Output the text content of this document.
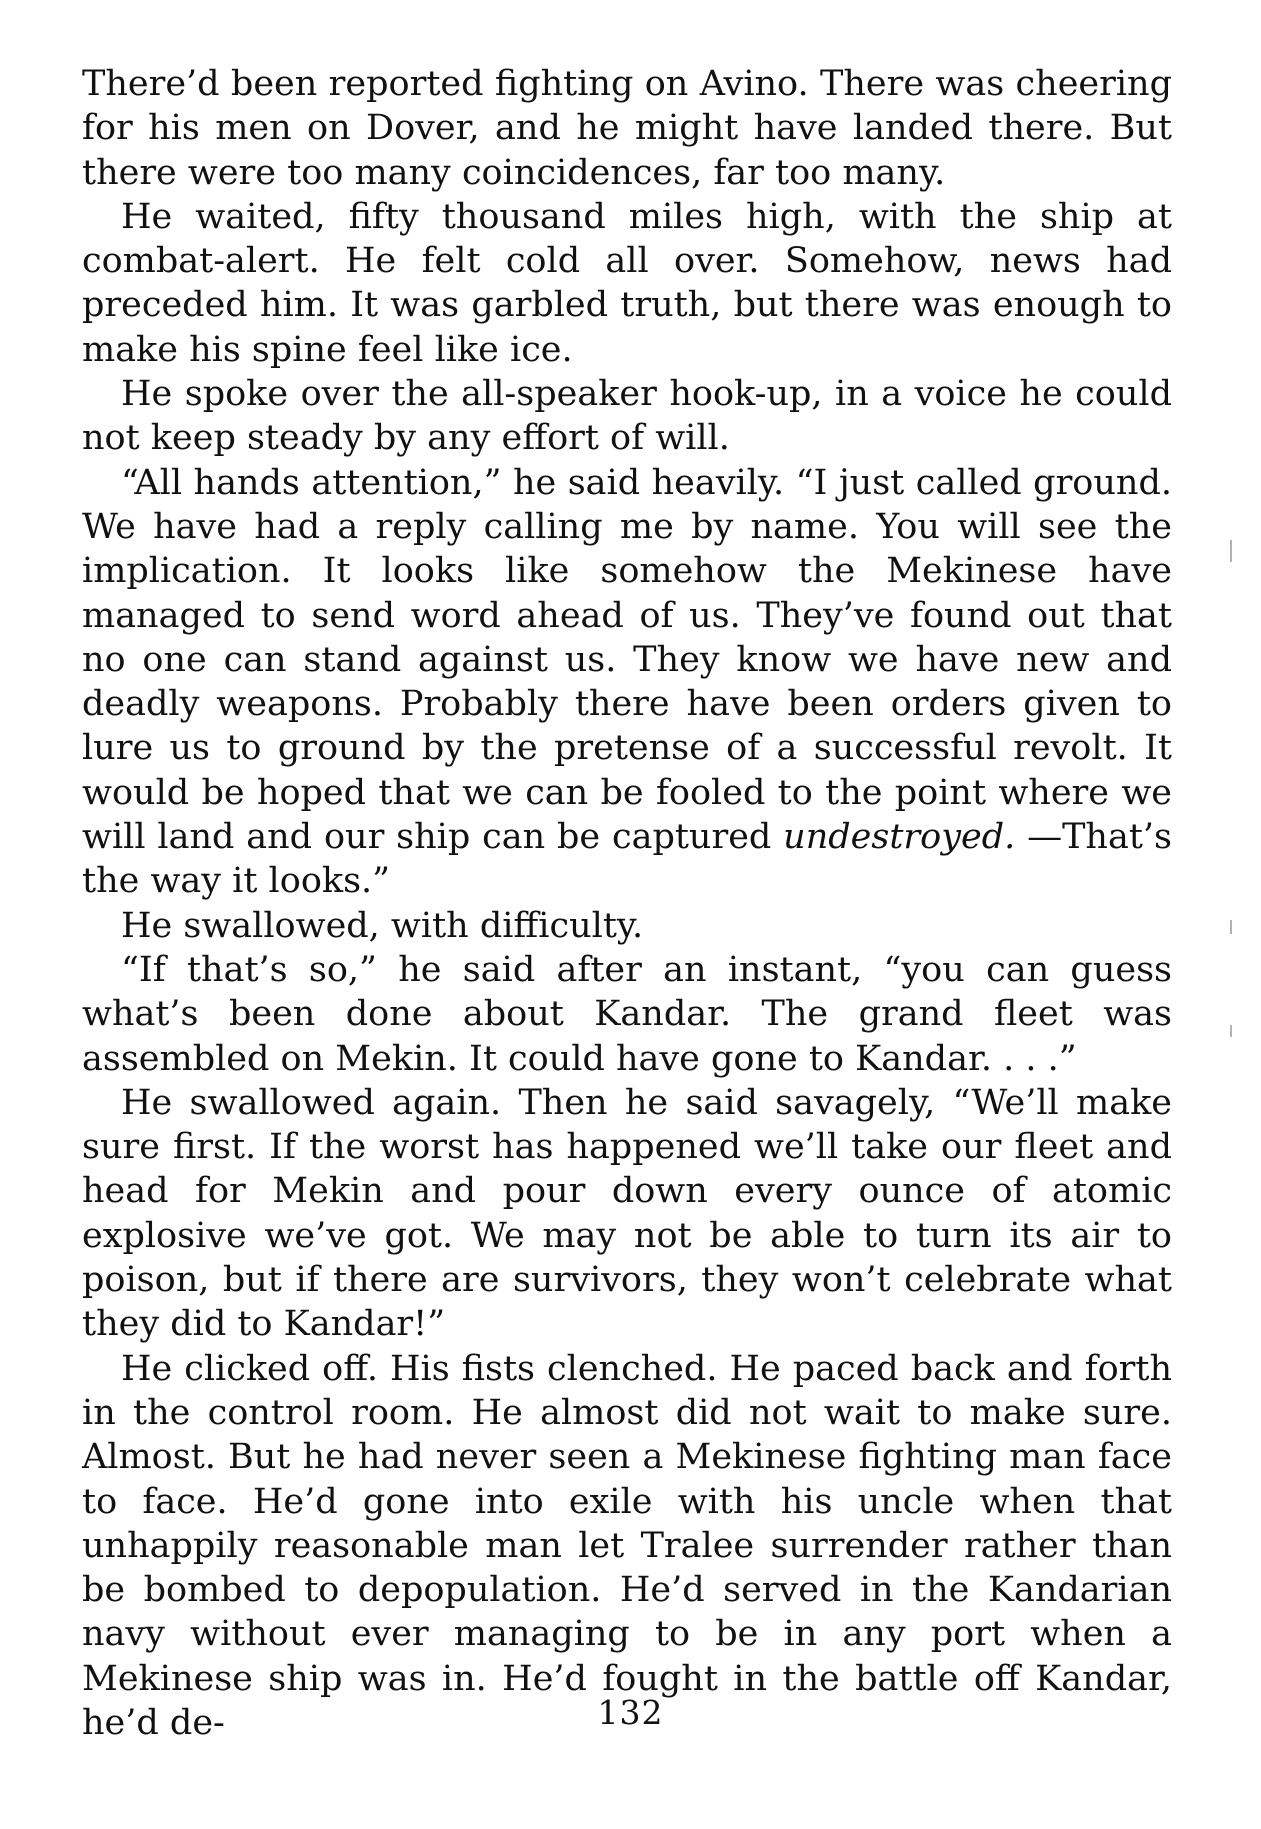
There’d been reported fighting on Avino. There was cheering for his men on Dover, and he might have landed there. But there were too many coincidences, far too many.

He waited, fifty thousand miles high, with the ship at combat-alert. He felt cold all over. Somehow, news had preceded him. It was garbled truth, but there was enough to make his spine feel like ice.

He spoke over the all-speaker hook-up, in a voice he could not keep steady by any effort of will.

“All hands attention,” he said heavily. “I just called ground. We have had a reply calling me by name. You will see the implication. It looks like somehow the Mekinese have managed to send word ahead of us. They’ve found out that no one can stand against us. They know we have new and deadly weapons. Probably there have been orders given to lure us to ground by the pretense of a successful revolt. It would be hoped that we can be fooled to the point where we will land and our ship can be captured undestroyed. —That’s the way it looks.”

He swallowed, with difficulty.

“If that’s so,” he said after an instant, “you can guess what’s been done about Kandar. The grand fleet was assembled on Mekin. It could have gone to Kandar. . . .”

He swallowed again. Then he said savagely, “We’ll make sure first. If the worst has happened we’ll take our fleet and head for Mekin and pour down every ounce of atomic explosive we’ve got. We may not be able to turn its air to poison, but if there are survivors, they won’t celebrate what they did to Kandar!”

He clicked off. His fists clenched. He paced back and forth in the control room. He almost did not wait to make sure. Almost. But he had never seen a Mekinese fighting man face to face. He’d gone into exile with his uncle when that unhappily reasonable man let Tralee surrender rather than be bombed to depopulation. He’d served in the Kandarian navy without ever managing to be in any port when a Mekinese ship was in. He’d fought in the battle off Kandar, he’d de-	132
